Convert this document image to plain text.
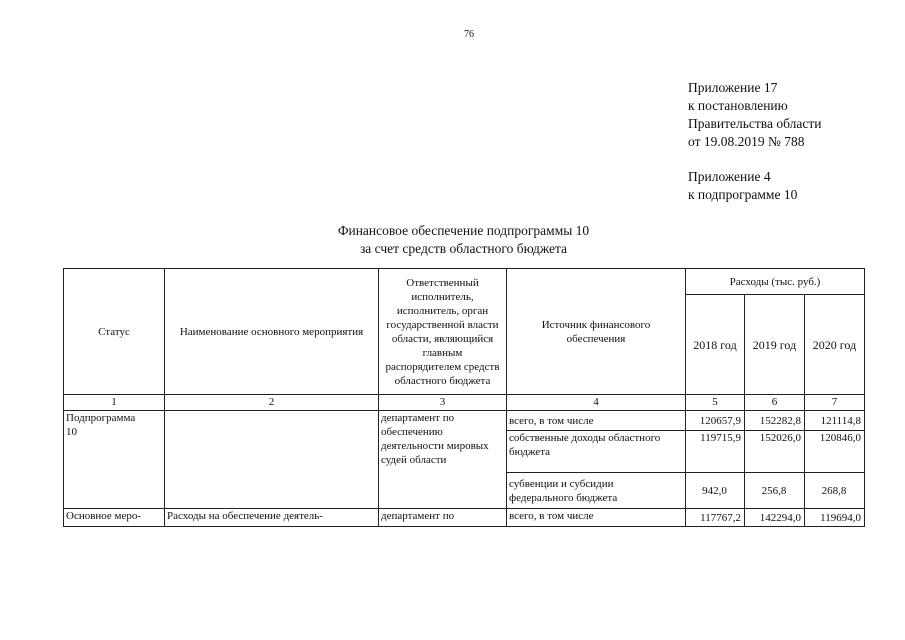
76
Приложение 17
к постановлению
Правительства области
от 19.08.2019 № 788
Приложение 4
к подпрограмме 10
Финансовое обеспечение подпрограммы 10
за счет средств областного бюджета
Статус	Наименование основного мероприятия	Ответственный исполнитель, исполнитель, орган государственной власти области, являющийся главным распорядителем средств областного бюджета	Источник финансового обеспечения	Расходы (тыс. руб.)		
				2018 год	2019 год	2020 год
1	2	3	4	5	6	7
Подпрограмма 10		департамент по обеспечению деятельности мировых судей области	всего, в том числе	120657,9	152282,8	121114,8
			собственные доходы областного бюджета	119715,9	152026,0	120846,0
			субвенции и субсидии федерального бюджета	942,0	256,8	268,8
Основное меро-	Расходы на обеспечение деятель-	департамент по	всего, в том числе	117767,2	142294,0	119694,0
